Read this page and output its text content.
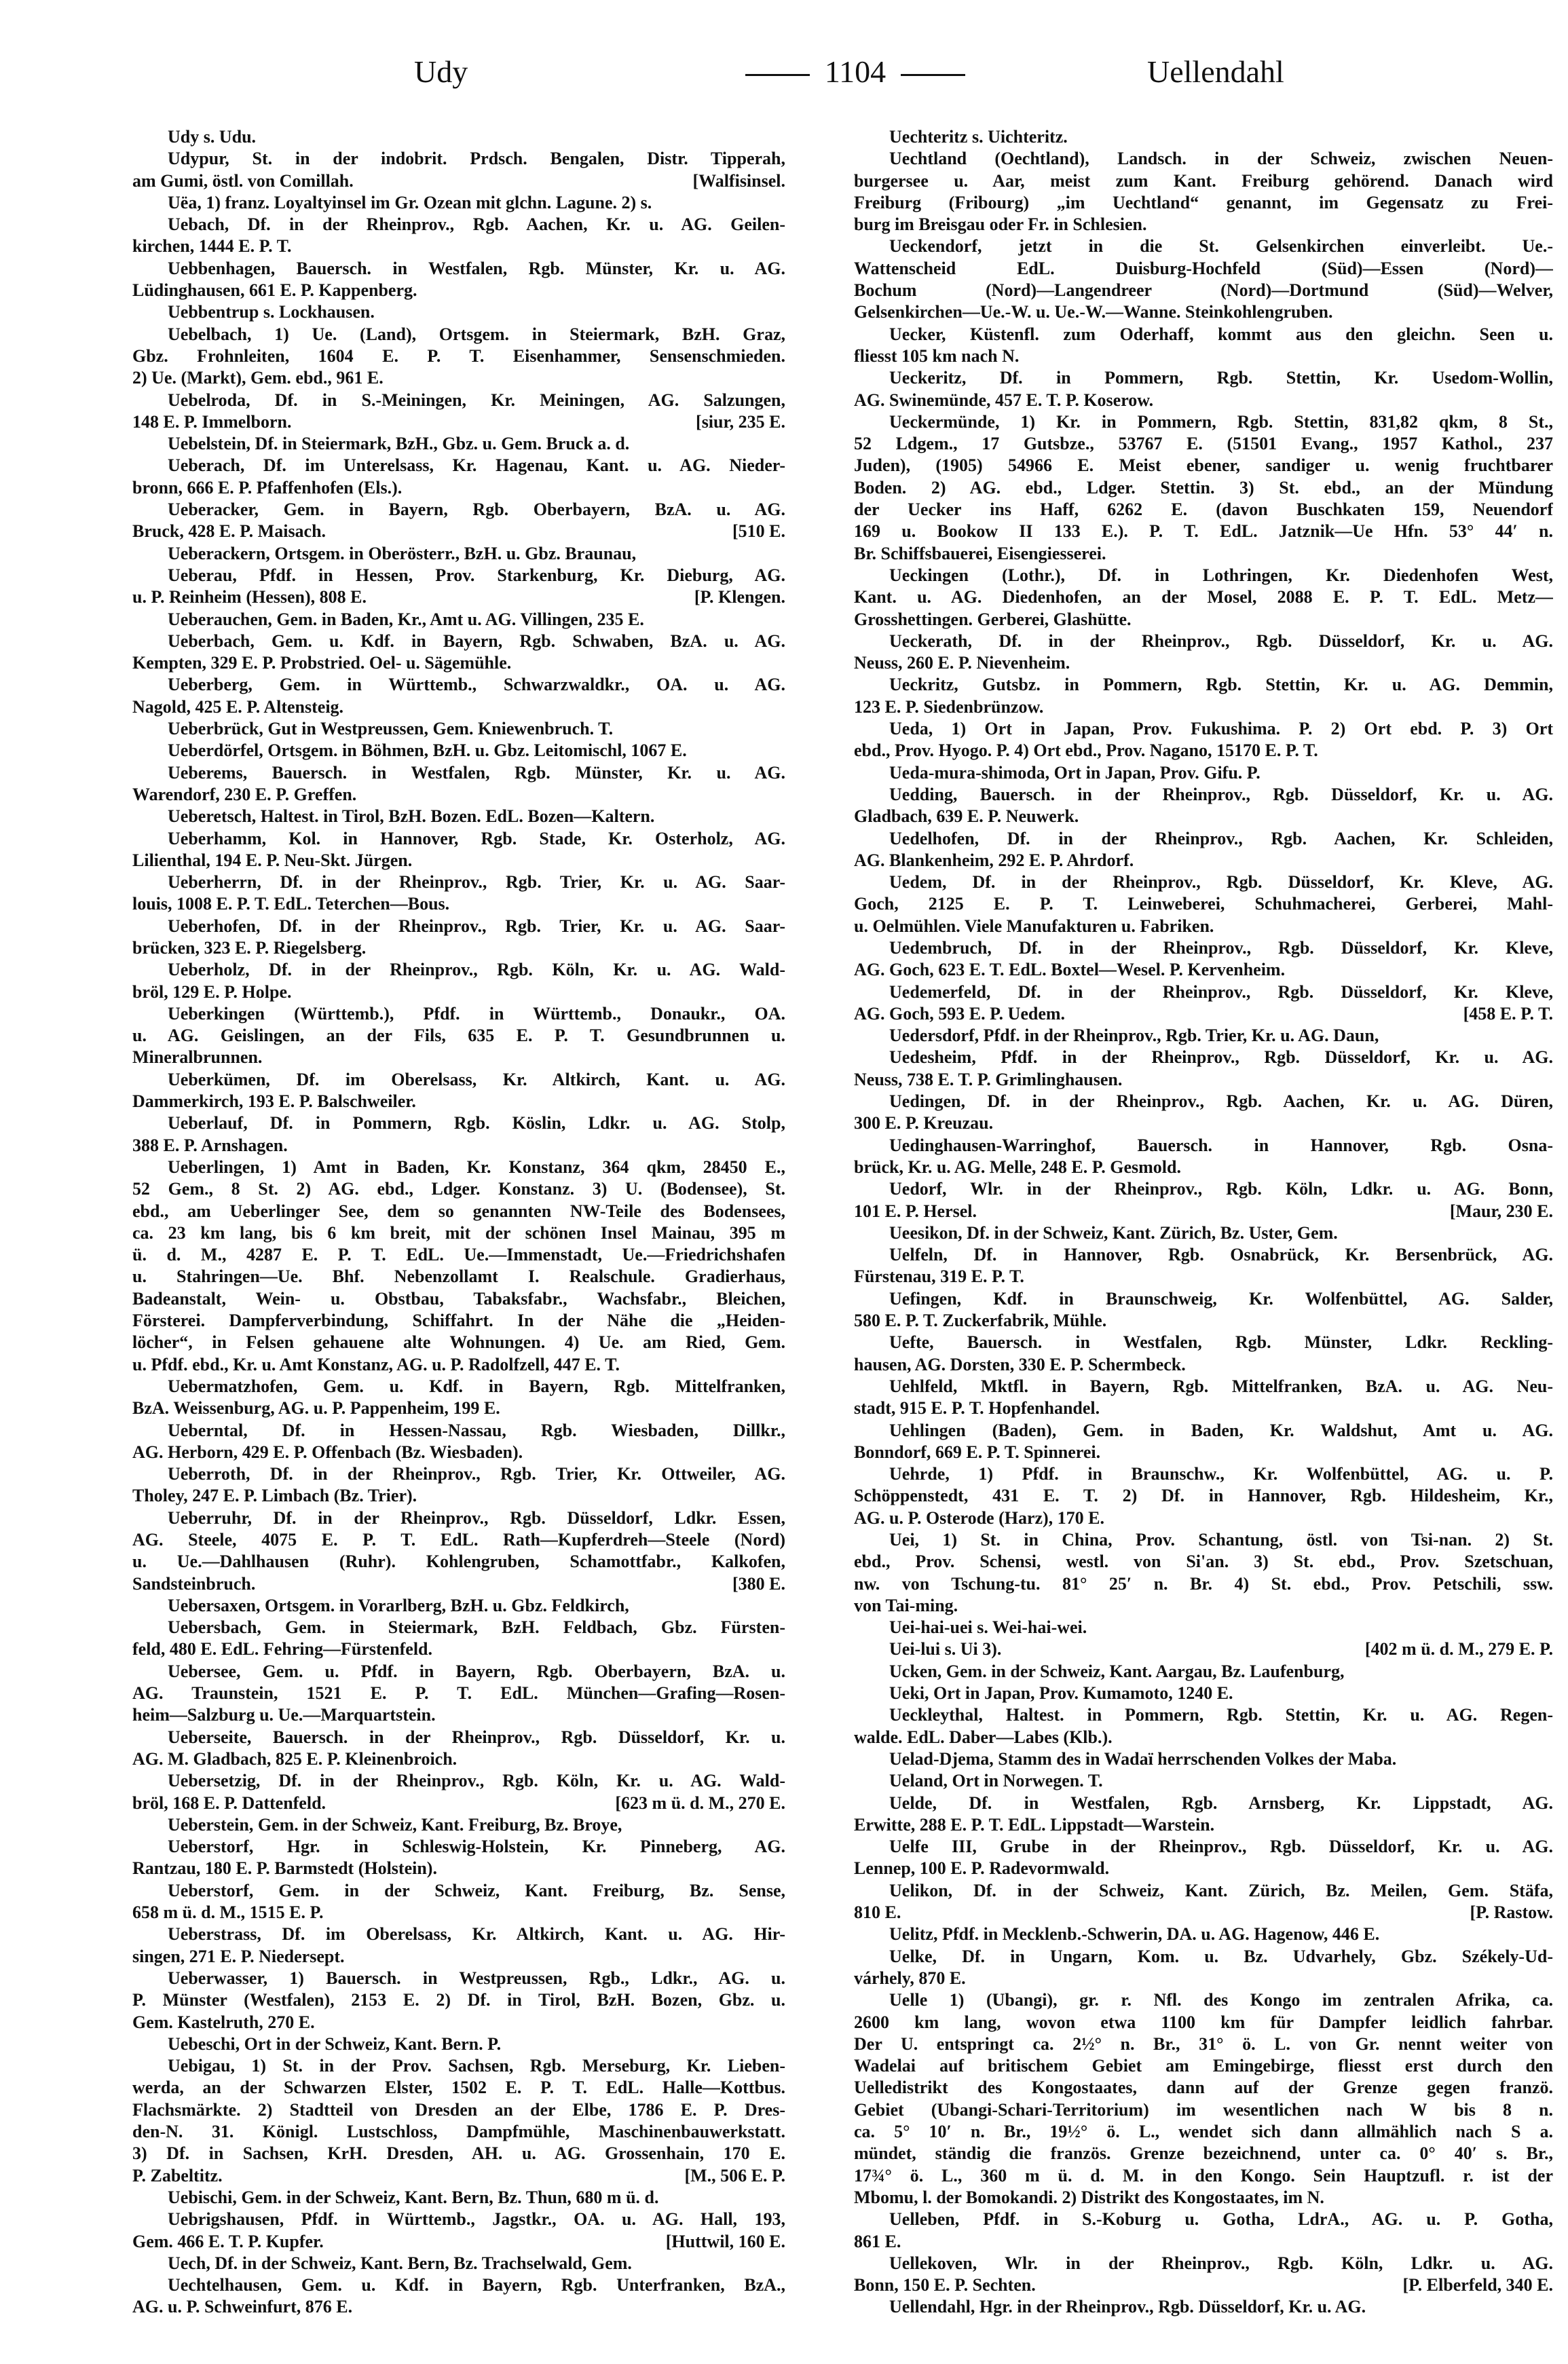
Udy	1104	Uellendahl
Udy s. Udu.
Udypur, St. in der indobrit. Prdsch. Bengalen, Distr. Tipperah,
am Gumi, östl. von Comillah.	[Walfisinsel.
Uëa, 1) franz. Loyaltyinsel im Gr. Ozean mit glchn. Lagune. 2) s.
Uebach, Df. in der Rheinprov., Rgb. Aachen, Kr. u. AG. Geilen-
kirchen, 1444 E. P. T.
Uebbenhagen, Bauersch. in Westfalen, Rgb. Münster, Kr. u. AG.
Lüdinghausen, 661 E. P. Kappenberg.
Uebbentrup s. Lockhausen.
Uebelbach, 1) Ue. (Land), Ortsgem. in Steiermark, BzH. Graz,
Gbz. Frohnleiten, 1604 E. P. T. Eisenhammer, Sensenschmieden.
2) Ue. (Markt), Gem. ebd., 961 E.
Uebelroda, Df. in S.-Meiningen, Kr. Meiningen, AG. Salzungen,
148 E. P. Immelborn.	[siur, 235 E.
Uebelstein, Df. in Steiermark, BzH., Gbz. u. Gem. Bruck a. d.
Ueberach, Df. im Unterelsass, Kr. Hagenau, Kant. u. AG. Nieder-
bronn, 666 E. P. Pfaffenhofen (Els.).
Ueberacker, Gem. in Bayern, Rgb. Oberbayern, BzA. u. AG.
Bruck, 428 E. P. Maisach.	[510 E.
Ueberackern, Ortsgem. in Oberösterr., BzH. u. Gbz. Braunau,
Ueberau, Pfdf. in Hessen, Prov. Starkenburg, Kr. Dieburg, AG.
u. P. Reinheim (Hessen), 808 E.	[P. Klengen.
Ueberauchen, Gem. in Baden, Kr., Amt u. AG. Villingen, 235 E.
Ueberbach, Gem. u. Kdf. in Bayern, Rgb. Schwaben, BzA. u. AG.
Kempten, 329 E. P. Probstried. Oel- u. Sägemühle.
Ueberberg, Gem. in Württemb., Schwarzwaldkr., OA. u. AG.
Nagold, 425 E. P. Altensteig.
Ueberbrück, Gut in Westpreussen, Gem. Kniewenbruch. T.
Ueberdörfel, Ortsgem. in Böhmen, BzH. u. Gbz. Leitomischl, 1067 E.
Ueberems, Bauersch. in Westfalen, Rgb. Münster, Kr. u. AG.
Warendorf, 230 E. P. Greffen.
Ueberetsch, Haltest. in Tirol, BzH. Bozen. EdL. Bozen—Kaltern.
Ueberhamm, Kol. in Hannover, Rgb. Stade, Kr. Osterholz, AG.
Lilienthal, 194 E. P. Neu-Skt. Jürgen.
Ueberherrn, Df. in der Rheinprov., Rgb. Trier, Kr. u. AG. Saar-
louis, 1008 E. P. T. EdL. Teterchen—Bous.
Ueberhofen, Df. in der Rheinprov., Rgb. Trier, Kr. u. AG. Saar-
brücken, 323 E. P. Riegelsberg.
Ueberholz, Df. in der Rheinprov., Rgb. Köln, Kr. u. AG. Wald-
bröl, 129 E. P. Holpe.
Ueberkingen (Württemb.), Pfdf. in Württemb., Donaukr., OA.
u. AG. Geislingen, an der Fils, 635 E. P. T. Gesundbrunnen u.
Mineralbrunnen.
Ueberkümen, Df. im Oberelsass, Kr. Altkirch, Kant. u. AG.
Dammerkirch, 193 E. P. Balschweiler.
Ueberlauf, Df. in Pommern, Rgb. Köslin, Ldkr. u. AG. Stolp,
388 E. P. Arnshagen.
Ueberlingen, 1) Amt in Baden, Kr. Konstanz, 364 qkm, 28450 E.,
52 Gem., 8 St. 2) AG. ebd., Ldger. Konstanz. 3) U. (Bodensee), St.
ebd., am Ueberlinger See, dem so genannten NW-Teile des Bodensees,
ca. 23 km lang, bis 6 km breit, mit der schönen Insel Mainau, 395 m
ü. d. M., 4287 E. P. T. EdL. Ue.—Immenstadt, Ue.—Friedrichshafen
u. Stahringen—Ue. Bhf. Nebenzollamt I. Realschule. Gradierhaus,
Badeanstalt, Wein- u. Obstbau, Tabaksfabr., Wachsfabr., Bleichen,
Försterei. Dampferverbindung, Schiffahrt. In der Nähe die „Heiden-
löcher“, in Felsen gehauene alte Wohnungen. 4) Ue. am Ried, Gem.
u. Pfdf. ebd., Kr. u. Amt Konstanz, AG. u. P. Radolfzell, 447 E. T.
Uebermatzhofen, Gem. u. Kdf. in Bayern, Rgb. Mittelfranken,
BzA. Weissenburg, AG. u. P. Pappenheim, 199 E.
Ueberntal, Df. in Hessen-Nassau, Rgb. Wiesbaden, Dillkr.,
AG. Herborn, 429 E. P. Offenbach (Bz. Wiesbaden).
Ueberroth, Df. in der Rheinprov., Rgb. Trier, Kr. Ottweiler, AG.
Tholey, 247 E. P. Limbach (Bz. Trier).
Ueberruhr, Df. in der Rheinprov., Rgb. Düsseldorf, Ldkr. Essen,
AG. Steele, 4075 E. P. T. EdL. Rath—Kupferdreh—Steele (Nord)
u. Ue.—Dahlhausen (Ruhr). Kohlengruben, Schamottfabr., Kalkofen,
Sandsteinbruch.	[380 E.
Uebersaxen, Ortsgem. in Vorarlberg, BzH. u. Gbz. Feldkirch,
Uebersbach, Gem. in Steiermark, BzH. Feldbach, Gbz. Fürsten-
feld, 480 E. EdL. Fehring—Fürstenfeld.
Uebersee, Gem. u. Pfdf. in Bayern, Rgb. Oberbayern, BzA. u.
AG. Traunstein, 1521 E. P. T. EdL. München—Grafing—Rosen-
heim—Salzburg u. Ue.—Marquartstein.
Ueberseite, Bauersch. in der Rheinprov., Rgb. Düsseldorf, Kr. u.
AG. M. Gladbach, 825 E. P. Kleinenbroich.
Uebersetzig, Df. in der Rheinprov., Rgb. Köln, Kr. u. AG. Wald-
bröl, 168 E. P. Dattenfeld.	[623 m ü. d. M., 270 E.
Ueberstein, Gem. in der Schweiz, Kant. Freiburg, Bz. Broye,
Ueberstorf, Hgr. in Schleswig-Holstein, Kr. Pinneberg, AG.
Rantzau, 180 E. P. Barmstedt (Holstein).
Ueberstorf, Gem. in der Schweiz, Kant. Freiburg, Bz. Sense,
658 m ü. d. M., 1515 E. P.
Ueberstrass, Df. im Oberelsass, Kr. Altkirch, Kant. u. AG. Hir-
singen, 271 E. P. Niedersept.
Ueberwasser, 1) Bauersch. in Westpreussen, Rgb., Ldkr., AG. u.
P. Münster (Westfalen), 2153 E. 2) Df. in Tirol, BzH. Bozen, Gbz. u.
Gem. Kastelruth, 270 E.
Uebeschi, Ort in der Schweiz, Kant. Bern. P.
Uebigau, 1) St. in der Prov. Sachsen, Rgb. Merseburg, Kr. Lieben-
werda, an der Schwarzen Elster, 1502 E. P. T. EdL. Halle—Kottbus.
Flachsmärkte. 2) Stadtteil von Dresden an der Elbe, 1786 E. P. Dres-
den-N. 31. Königl. Lustschloss, Dampfmühle, Maschinenbauwerkstatt.
3) Df. in Sachsen, KrH. Dresden, AH. u. AG. Grossenhain, 170 E.
P. Zabeltitz.	[M., 506 E. P.
Uebischi, Gem. in der Schweiz, Kant. Bern, Bz. Thun, 680 m ü. d.
Uebrigshausen, Pfdf. in Württemb., Jagstkr., OA. u. AG. Hall, 193,
Gem. 466 E. T. P. Kupfer.	[Huttwil, 160 E.
Uech, Df. in der Schweiz, Kant. Bern, Bz. Trachselwald, Gem.
Uechtelhausen, Gem. u. Kdf. in Bayern, Rgb. Unterfranken, BzA.,
AG. u. P. Schweinfurt, 876 E.
Uechteritz s. Uichteritz.
Uechtland (Oechtland), Landsch. in der Schweiz, zwischen Neuen-
burgersee u. Aar, meist zum Kant. Freiburg gehörend. Danach wird
Freiburg (Fribourg) „im Uechtland“ genannt, im Gegensatz zu Frei-
burg im Breisgau oder Fr. in Schlesien.
Ueckendorf, jetzt in die St. Gelsenkirchen einverleibt. Ue.-
Wattenscheid EdL. Duisburg-Hochfeld (Süd)—Essen (Nord)—
Bochum (Nord)—Langendreer (Nord)—Dortmund (Süd)—Welver,
Gelsenkirchen—Ue.-W. u. Ue.-W.—Wanne. Steinkohlengruben.
Uecker, Küstenfl. zum Oderhaff, kommt aus den gleichn. Seen u.
fliesst 105 km nach N.
Ueckeritz, Df. in Pommern, Rgb. Stettin, Kr. Usedom-Wollin,
AG. Swinemünde, 457 E. T. P. Koserow.
Ueckermünde, 1) Kr. in Pommern, Rgb. Stettin, 831,82 qkm, 8 St.,
52 Ldgem., 17 Gutsbze., 53767 E. (51501 Evang., 1957 Kathol., 237
Juden), (1905) 54966 E. Meist ebener, sandiger u. wenig fruchtbarer
Boden. 2) AG. ebd., Ldger. Stettin. 3) St. ebd., an der Mündung
der Uecker ins Haff, 6262 E. (davon Buschkaten 159, Neuendorf
169 u. Bookow II 133 E.). P. T. EdL. Jatznik—Ue Hfn. 53° 44′ n.
Br. Schiffsbauerei, Eisengiesserei.
Ueckingen (Lothr.), Df. in Lothringen, Kr. Diedenhofen West,
Kant. u. AG. Diedenhofen, an der Mosel, 2088 E. P. T. EdL. Metz—
Grosshettingen. Gerberei, Glashütte.
Ueckerath, Df. in der Rheinprov., Rgb. Düsseldorf, Kr. u. AG.
Neuss, 260 E. P. Nievenheim.
Ueckritz, Gutsbz. in Pommern, Rgb. Stettin, Kr. u. AG. Demmin,
123 E. P. Siedenbrünzow.
Ueda, 1) Ort in Japan, Prov. Fukushima. P. 2) Ort ebd. P. 3) Ort
ebd., Prov. Hyogo. P. 4) Ort ebd., Prov. Nagano, 15170 E. P. T.
Ueda-mura-shimoda, Ort in Japan, Prov. Gifu. P.
Uedding, Bauersch. in der Rheinprov., Rgb. Düsseldorf, Kr. u. AG.
Gladbach, 639 E. P. Neuwerk.
Uedelhofen, Df. in der Rheinprov., Rgb. Aachen, Kr. Schleiden,
AG. Blankenheim, 292 E. P. Ahrdorf.
Uedem, Df. in der Rheinprov., Rgb. Düsseldorf, Kr. Kleve, AG.
Goch, 2125 E. P. T. Leinweberei, Schuhmacherei, Gerberei, Mahl-
u. Oelmühlen. Viele Manufakturen u. Fabriken.
Uedembruch, Df. in der Rheinprov., Rgb. Düsseldorf, Kr. Kleve,
AG. Goch, 623 E. T. EdL. Boxtel—Wesel. P. Kervenheim.
Uedemerfeld, Df. in der Rheinprov., Rgb. Düsseldorf, Kr. Kleve,
AG. Goch, 593 E. P. Uedem.	[458 E. P. T.
Uedersdorf, Pfdf. in der Rheinprov., Rgb. Trier, Kr. u. AG. Daun,
Uedesheim, Pfdf. in der Rheinprov., Rgb. Düsseldorf, Kr. u. AG.
Neuss, 738 E. T. P. Grimlinghausen.
Uedingen, Df. in der Rheinprov., Rgb. Aachen, Kr. u. AG. Düren,
300 E. P. Kreuzau.
Uedinghausen-Warringhof, Bauersch. in Hannover, Rgb. Osna-
brück, Kr. u. AG. Melle, 248 E. P. Gesmold.
Uedorf, Wlr. in der Rheinprov., Rgb. Köln, Ldkr. u. AG. Bonn,
101 E. P. Hersel.	[Maur, 230 E.
Ueesikon, Df. in der Schweiz, Kant. Zürich, Bz. Uster, Gem.
Uelfeln, Df. in Hannover, Rgb. Osnabrück, Kr. Bersenbrück, AG.
Fürstenau, 319 E. P. T.
Uefingen, Kdf. in Braunschweig, Kr. Wolfenbüttel, AG. Salder,
580 E. P. T. Zuckerfabrik, Mühle.
Uefte, Bauersch. in Westfalen, Rgb. Münster, Ldkr. Reckling-
hausen, AG. Dorsten, 330 E. P. Schermbeck.
Uehlfeld, Mktfl. in Bayern, Rgb. Mittelfranken, BzA. u. AG. Neu-
stadt, 915 E. P. T. Hopfenhandel.
Uehlingen (Baden), Gem. in Baden, Kr. Waldshut, Amt u. AG.
Bonndorf, 669 E. P. T. Spinnerei.
Uehrde, 1) Pfdf. in Braunschw., Kr. Wolfenbüttel, AG. u. P.
Schöppenstedt, 431 E. T. 2) Df. in Hannover, Rgb. Hildesheim, Kr.,
AG. u. P. Osterode (Harz), 170 E.
Uei, 1) St. in China, Prov. Schantung, östl. von Tsi-nan. 2) St.
ebd., Prov. Schensi, westl. von Si'an. 3) St. ebd., Prov. Szetschuan,
nw. von Tschung-tu. 81° 25′ n. Br. 4) St. ebd., Prov. Petschili, ssw.
von Tai-ming.
Uei-hai-uei s. Wei-hai-wei.
Uei-lui s. Ui 3).	[402 m ü. d. M., 279 E. P.
Ucken, Gem. in der Schweiz, Kant. Aargau, Bz. Laufenburg,
Ueki, Ort in Japan, Prov. Kumamoto, 1240 E.
Ueckleythal, Haltest. in Pommern, Rgb. Stettin, Kr. u. AG. Regen-
walde. EdL. Daber—Labes (Klb.).
Uelad-Djema, Stamm des in Wadaï herrschenden Volkes der Maba.
Ueland, Ort in Norwegen. T.
Uelde, Df. in Westfalen, Rgb. Arnsberg, Kr. Lippstadt, AG.
Erwitte, 288 E. P. T. EdL. Lippstadt—Warstein.
Uelfe III, Grube in der Rheinprov., Rgb. Düsseldorf, Kr. u. AG.
Lennep, 100 E. P. Radevormwald.
Uelikon, Df. in der Schweiz, Kant. Zürich, Bz. Meilen, Gem. Stäfa,
810 E.	[P. Rastow.
Uelitz, Pfdf. in Mecklenb.-Schwerin, DA. u. AG. Hagenow, 446 E.
Uelke, Df. in Ungarn, Kom. u. Bz. Udvarhely, Gbz. Székely-Ud-
várhely, 870 E.
Uelle 1) (Ubangi), gr. r. Nfl. des Kongo im zentralen Afrika, ca.
2600 km lang, wovon etwa 1100 km für Dampfer leidlich fahrbar.
Der U. entspringt ca. 2½° n. Br., 31° ö. L. von Gr. nennt weiter von
Wadelai auf britischem Gebiet am Emingebirge, fliesst erst durch den
Uelledistrikt des Kongostaates, dann auf der Grenze gegen franzö.
Gebiet (Ubangi-Schari-Territorium) im wesentlichen nach W bis 8 n.
ca. 5° 10′ n. Br., 19½° ö. L., wendet sich dann allmählich nach S a.
mündet, ständig die französ. Grenze bezeichnend, unter ca. 0° 40′ s. Br.,
17¾° ö. L., 360 m ü. d. M. in den Kongo. Sein Hauptzufl. r. ist der
Mbomu, l. der Bomokandi. 2) Distrikt des Kongostaates, im N.
Uelleben, Pfdf. in S.-Koburg u. Gotha, LdrA., AG. u. P. Gotha,
861 E.
Uellekoven, Wlr. in der Rheinprov., Rgb. Köln, Ldkr. u. AG.
Bonn, 150 E. P. Sechten.	[P. Elberfeld, 340 E.
Uellendahl, Hgr. in der Rheinprov., Rgb. Düsseldorf, Kr. u. AG.
